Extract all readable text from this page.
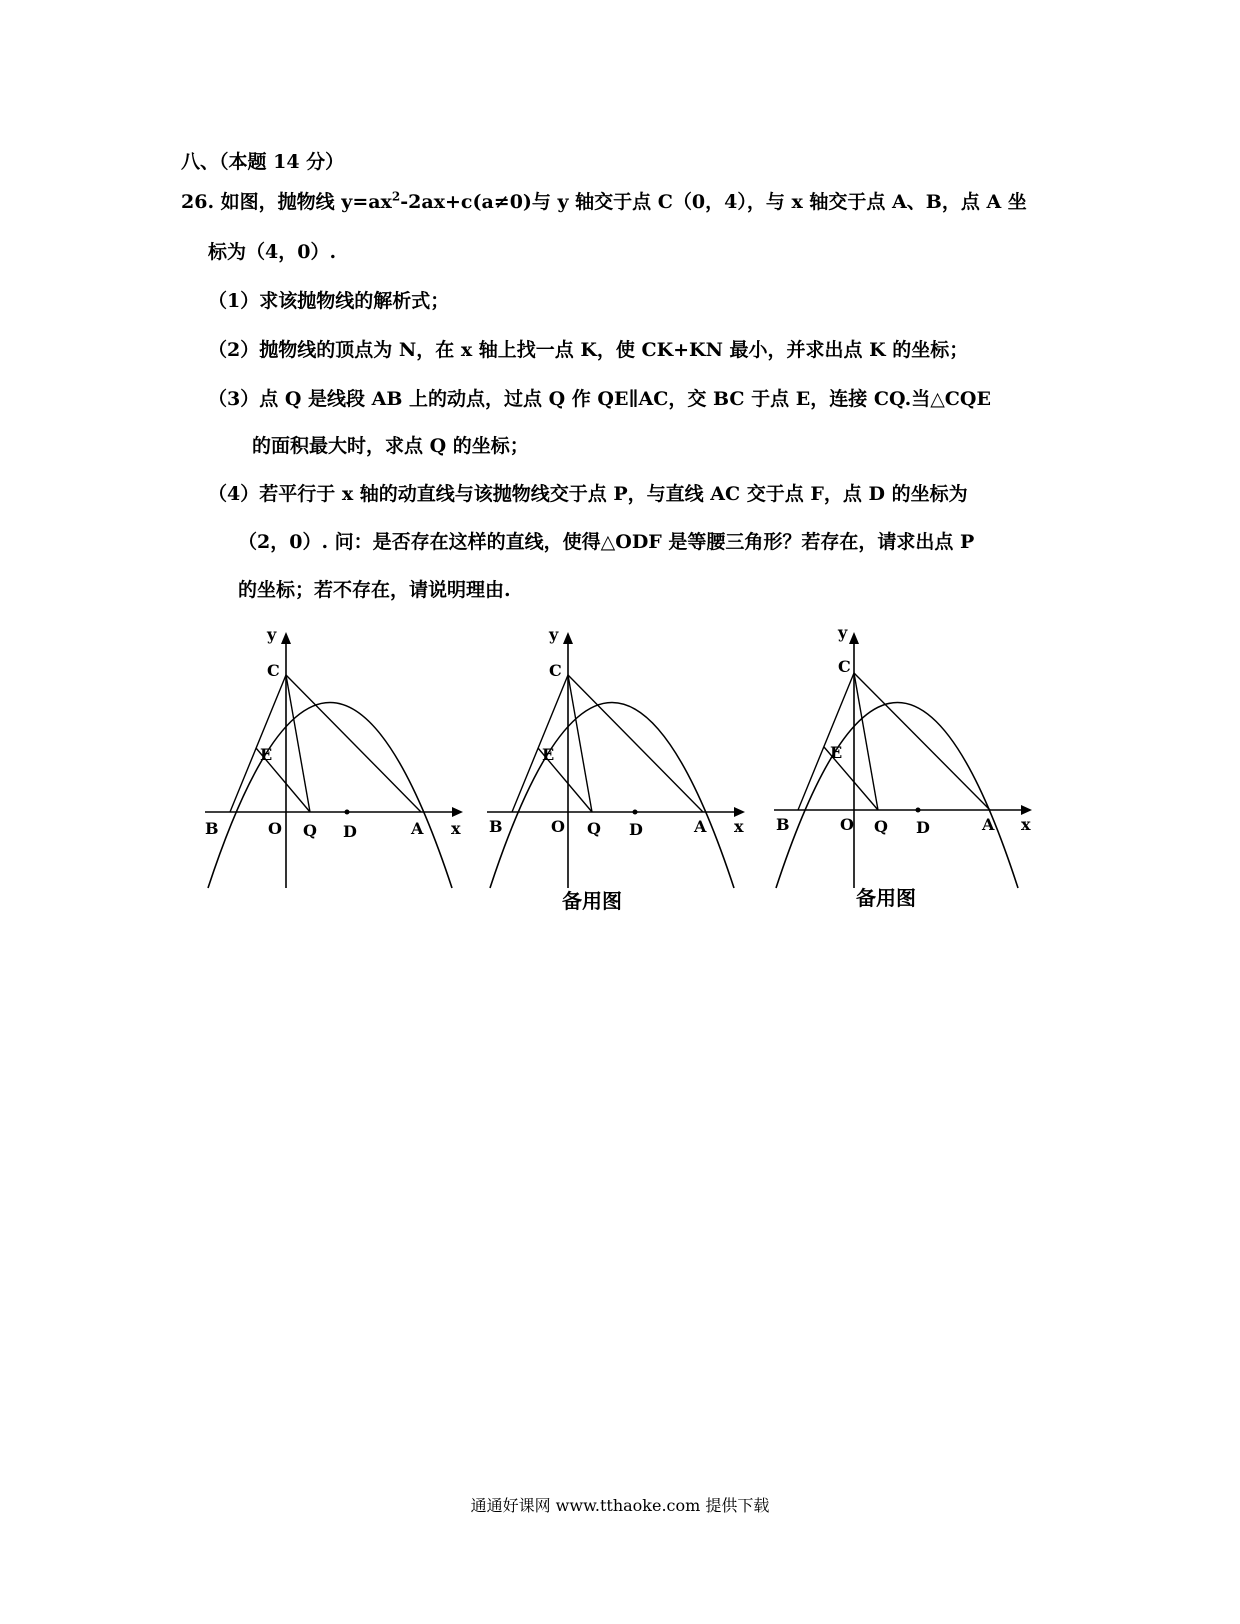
八、（本题 14 分）
26. 如图，抛物线 $y=ax^2-2ax+c(a\ne 0)$与 y 轴交于点 C（0，4），与 x 轴交于点 A、B，点 A 坐
标为（4，0）.
（1）求该抛物线的解析式；
（2）抛物线的顶点为 N，在 x 轴上找一点 K，使 CK+KN 最小，并求出点 K 的坐标；
（3）点 Q 是线段 AB 上的动点，过点 Q 作 QE∥AC，交 BC 于点 E，连接 CQ.当△CQE
的面积最大时，求点 Q 的坐标；
（4）若平行于 x 轴的动直线与该抛物线交于点 P，与直线 AC 交于点 F，点 D 的坐标为
（2，0）. 问：是否存在这样的直线，使得△ODF 是等腰三角形？若存在，请求出点 P
的坐标；若不存在，请说明理由.
y
C
E
B	O Q D	A x
y
C
E
B	O Q D	A x
备用图
y
C
E
B	O Q D	A x
备用图
通通好课网 www.tthaoke.com 提供下载
